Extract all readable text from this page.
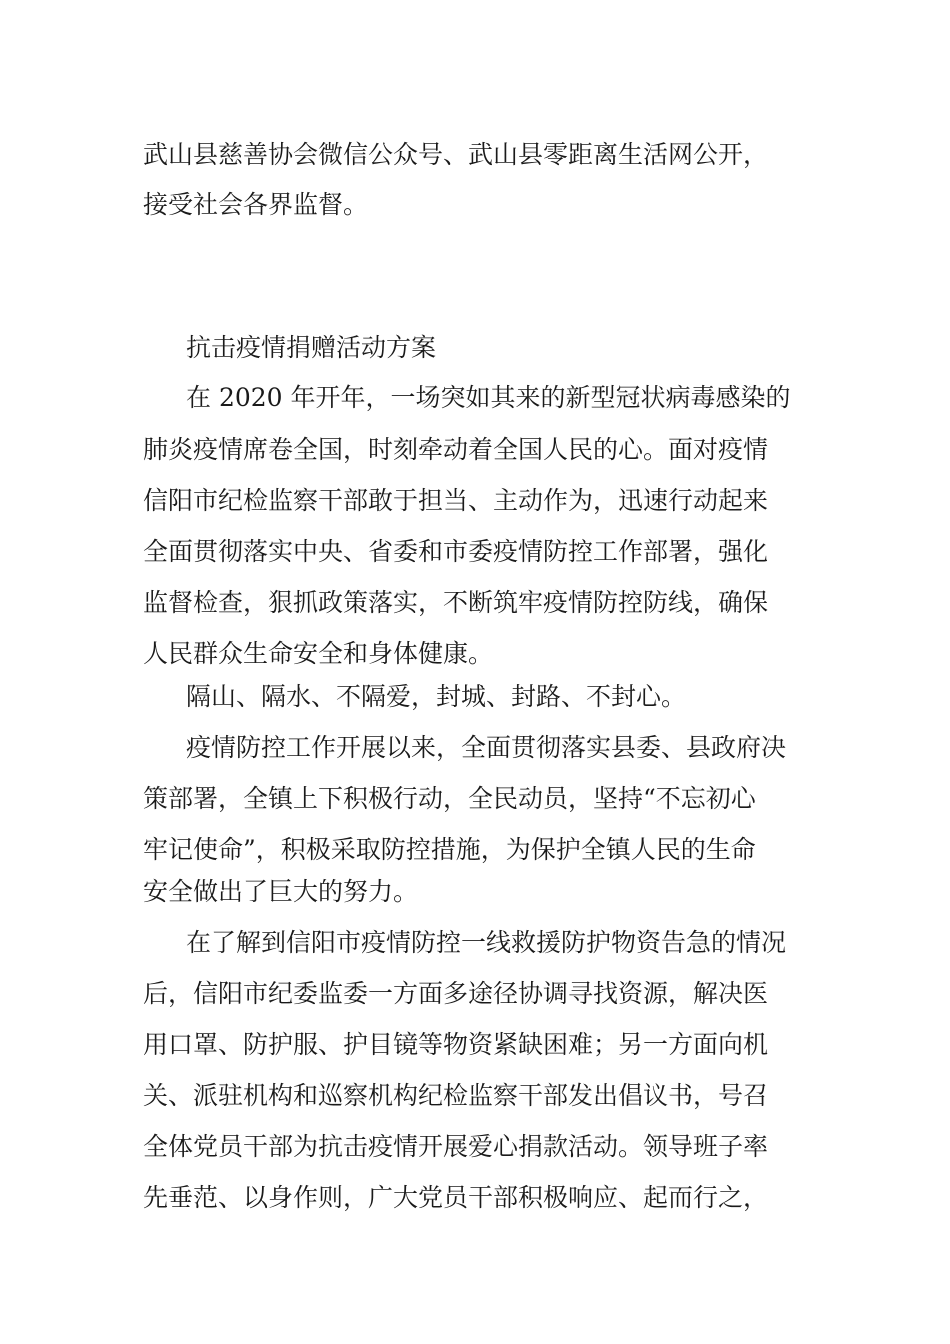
武山县慈善协会微信公众号、武山县零距离生活网公开，
接受社会各界监督。
抗击疫情捐赠活动方案
在 2020 年开年，一场突如其来的新型冠状病毒感染的
肺炎疫情席卷全国，时刻牵动着全国人民的心。面对疫情
信阳市纪检监察干部敢于担当、主动作为，迅速行动起来
全面贯彻落实中央、省委和市委疫情防控工作部署，强化
监督检查，狠抓政策落实，不断筑牢疫情防控防线，确保
人民群众生命安全和身体健康。
隔山、隔水、不隔爱，封城、封路、不封心。
疫情防控工作开展以来，全面贯彻落实县委、县政府决
策部署，全镇上下积极行动，全民动员，坚持“不忘初心
牢记使命”，积极采取防控措施，为保护全镇人民的生命
安全做出了巨大的努力。
在了解到信阳市疫情防控一线救援防护物资告急的情况
后，信阳市纪委监委一方面多途径协调寻找资源，解决医
用口罩、防护服、护目镜等物资紧缺困难；另一方面向机
关、派驻机构和巡察机构纪检监察干部发出倡议书，号召
全体党员干部为抗击疫情开展爱心捐款活动。领导班子率
先垂范、以身作则，广大党员干部积极响应、起而行之，
